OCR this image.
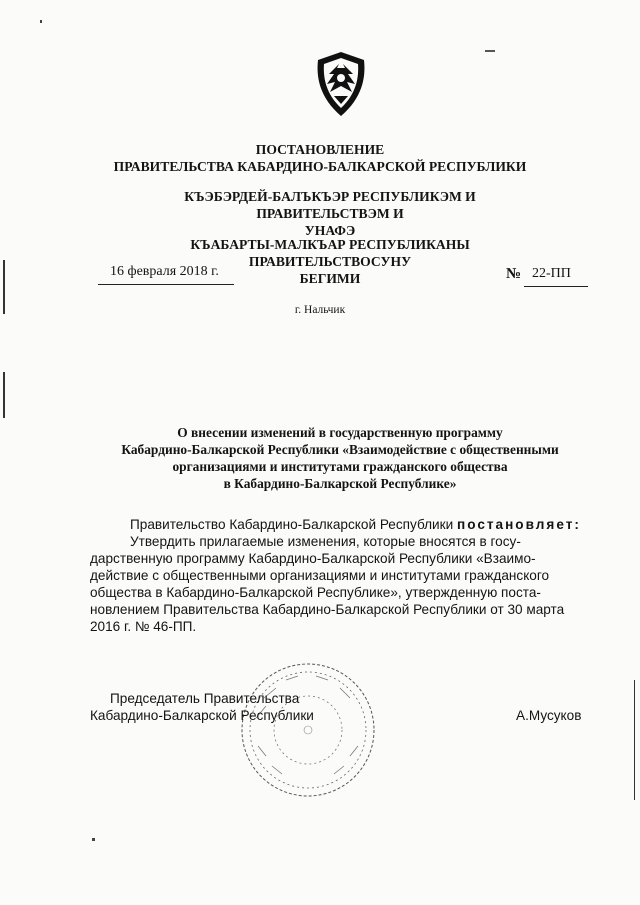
ПОСТАНОВЛЕНИЕ
ПРАВИТЕЛЬСТВА КАБАРДИНО-БАЛКАРСКОЙ РЕСПУБЛИКИ
КЪЭБЭРДЕЙ-БАЛЪКЪЭР РЕСПУБЛИКЭМ И ПРАВИТЕЛЬСТВЭМ И
УНАФЭ
КЪАБАРТЫ-МАЛКЪАР РЕСПУБЛИКАНЫ ПРАВИТЕЛЬСТВОСУНУ
БЕГИМИ
16 февраля 2018 г.	№ 22-ПП
г. Нальчик
О внесении изменений в государственную программу
Кабардино-Балкарской Республики «Взаимодействие с общественными
организациями и институтами гражданского общества
в Кабардино-Балкарской Республике»
Правительство Кабардино-Балкарской Республики постановляет:
Утвердить прилагаемые изменения, которые вносятся в госу-
дарственную программу Кабардино-Балкарской Республики «Взаимо-
действие с общественными организациями и институтами гражданского
общества в Кабардино-Балкарской Республике», утвержденную поста-
новлением Правительства Кабардино-Балкарской Республики от 30 марта
2016 г. № 46-ПП.
Председатель Правительства
Кабардино-Балкарской Республики	А.Мусуков
